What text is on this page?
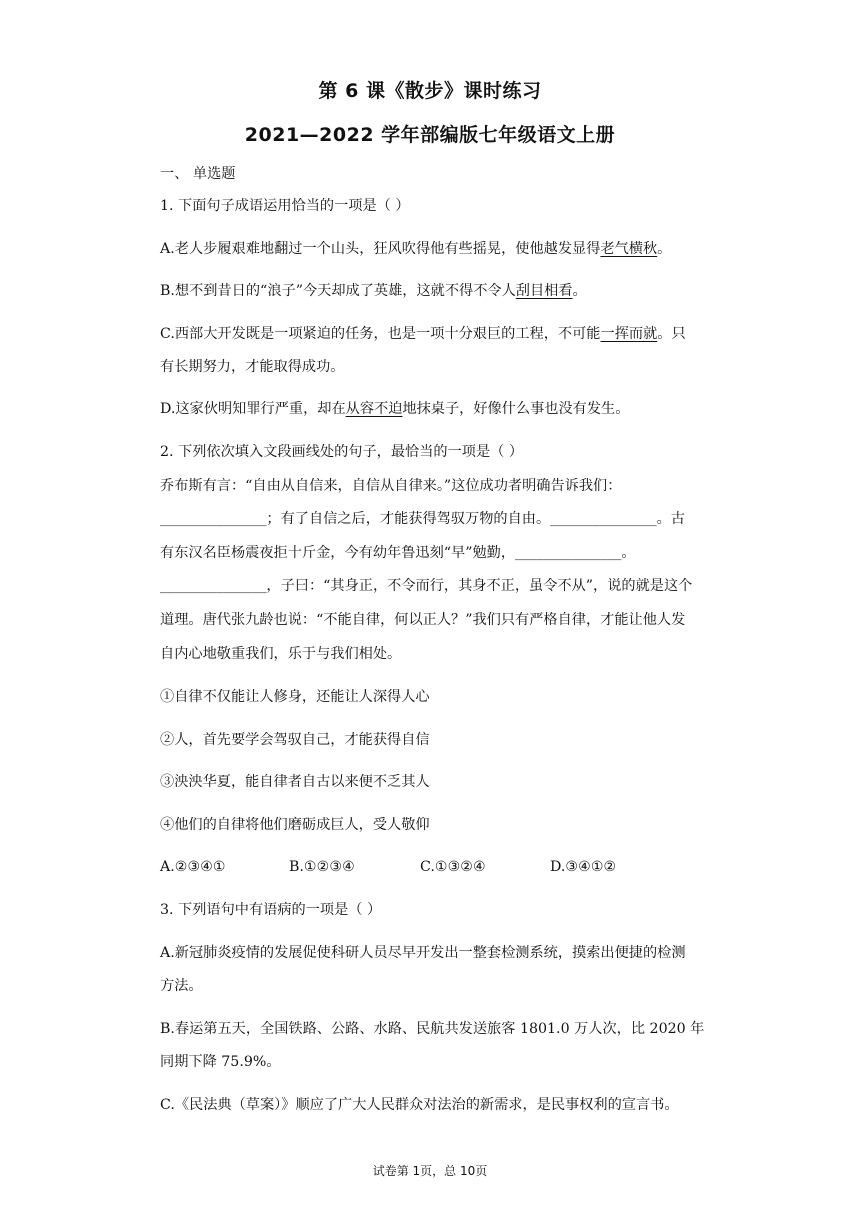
第 6 课《散步》课时练习
2021—2022 学年部编版七年级语文上册
一、 单选题
1. 下面句子成语运用恰当的一项是（ ）
A.老人步履艰难地翻过一个山头，狂风吹得他有些摇晃，使他越发显得老气横秋。
B.想不到昔日的“浪子”今天却成了英雄，这就不得不令人刮目相看。
C.西部大开发既是一项紧迫的任务，也是一项十分艰巨的工程，不可能一挥而就。只
有长期努力，才能取得成功。
D.这家伙明知罪行严重，却在从容不迫地抹桌子，好像什么事也没有发生。
2. 下列依次填入文段画线处的句子，最恰当的一项是（ ）
乔布斯有言：“自由从自信来，自信从自律来。”这位成功者明确告诉我们：
_______________；有了自信之后，才能获得驾驭万物的自由。_______________。古
有东汉名臣杨震夜拒十斤金，今有幼年鲁迅刻“早”勉勤，_______________。
_______________，子曰：“其身正，不令而行，其身不正，虽令不从”，说的就是这个
道理。唐代张九龄也说：“不能自律，何以正人？”我们只有严格自律，才能让他人发
自内心地敬重我们，乐于与我们相处。
①自律不仅能让人修身，还能让人深得人心
②人，首先要学会驾驭自己，才能获得自信
③泱泱华夏，能自律者自古以来便不乏其人
④他们的自律将他们磨砺成巨人，受人敬仰
A.②③④①	B.①②③④	C.①③②④	D.③④①②
3. 下列语句中有语病的一项是（ ）
A.新冠肺炎疫情的发展促使科研人员尽早开发出一整套检测系统，摸索出便捷的检测
方法。
B.春运第五天，全国铁路、公路、水路、民航共发送旅客 1801.0 万人次，比 2020 年
同期下降 75.9%。
C.《民法典（草案）》顺应了广大人民群众对法治的新需求，是民事权利的宣言书。
试卷第 1页，总 10页
